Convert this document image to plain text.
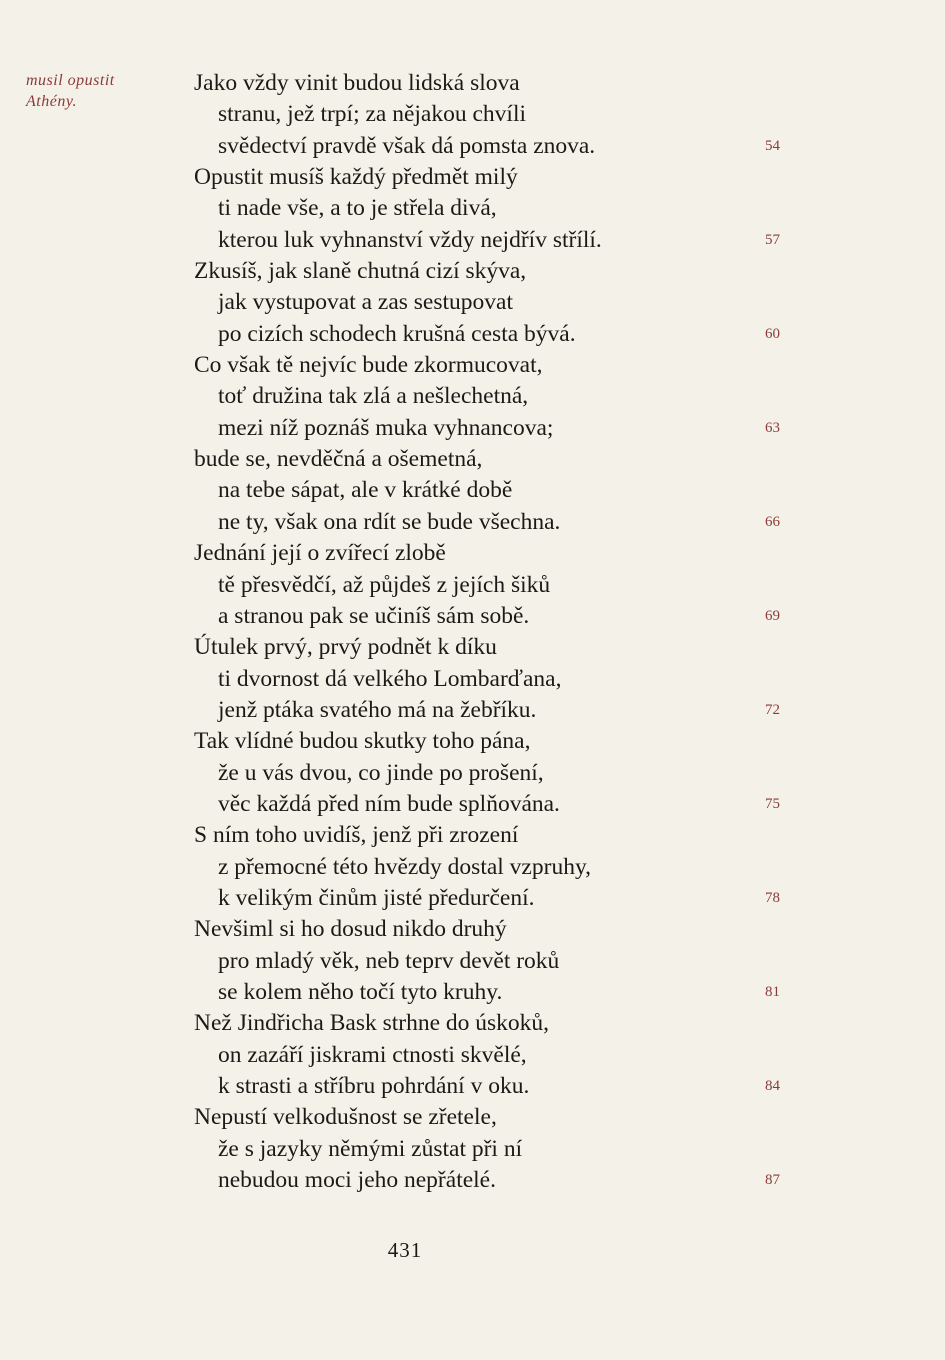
musil opustit
Athény.
Jako vždy vinit budou lidská slova
stranu, jež trpí; za nějakou chvíli
svědectví pravdě však dá pomsta znova.	54
Opustit musíš každý předmět milý
ti nade vše, a to je střela divá,
kterou luk vyhnanství vždy nejdřív střílí.	57
Zkusíš, jak slaně chutná cizí skýva,
jak vystupovat a zas sestupovat
po cizích schodech krušná cesta bývá.	60
Co však tě nejvíc bude zkormucovat,
toť družina tak zlá a nešlechetná,
mezi níž poznáš muka vyhnancova;	63
bude se, nevděčná a ošemetná,
na tebe sápat, ale v krátké době
ne ty, však ona rdít se bude všechna.	66
Jednání její o zvířecí zlobě
tě přesvědčí, až půjdeš z jejích šiků
a stranou pak se učiníš sám sobě.	69
Útulek prvý, prvý podnět k díku
ti dvornost dá velkého Lombarďana,
jenž ptáka svatého má na žebříku.	72
Tak vlídné budou skutky toho pána,
že u vás dvou, co jinde po prošení,
věc každá před ním bude splňována.	75
S ním toho uvidíš, jenž při zrození
z přemocné této hvězdy dostal vzpruhy,
k velikým činům jisté předurčení.	78
Nevšiml si ho dosud nikdo druhý
pro mladý věk, neb teprv devět roků
se kolem něho točí tyto kruhy.	81
Než Jindřicha Bask strhne do úskoků,
on zazáří jiskrami ctnosti skvělé,
k strasti a stříbru pohrdání v oku.	84
Nepustí velkodušnost se zřetele,
že s jazyky němými zůstat při ní
nebudou moci jeho nepřátelé.	87
431
